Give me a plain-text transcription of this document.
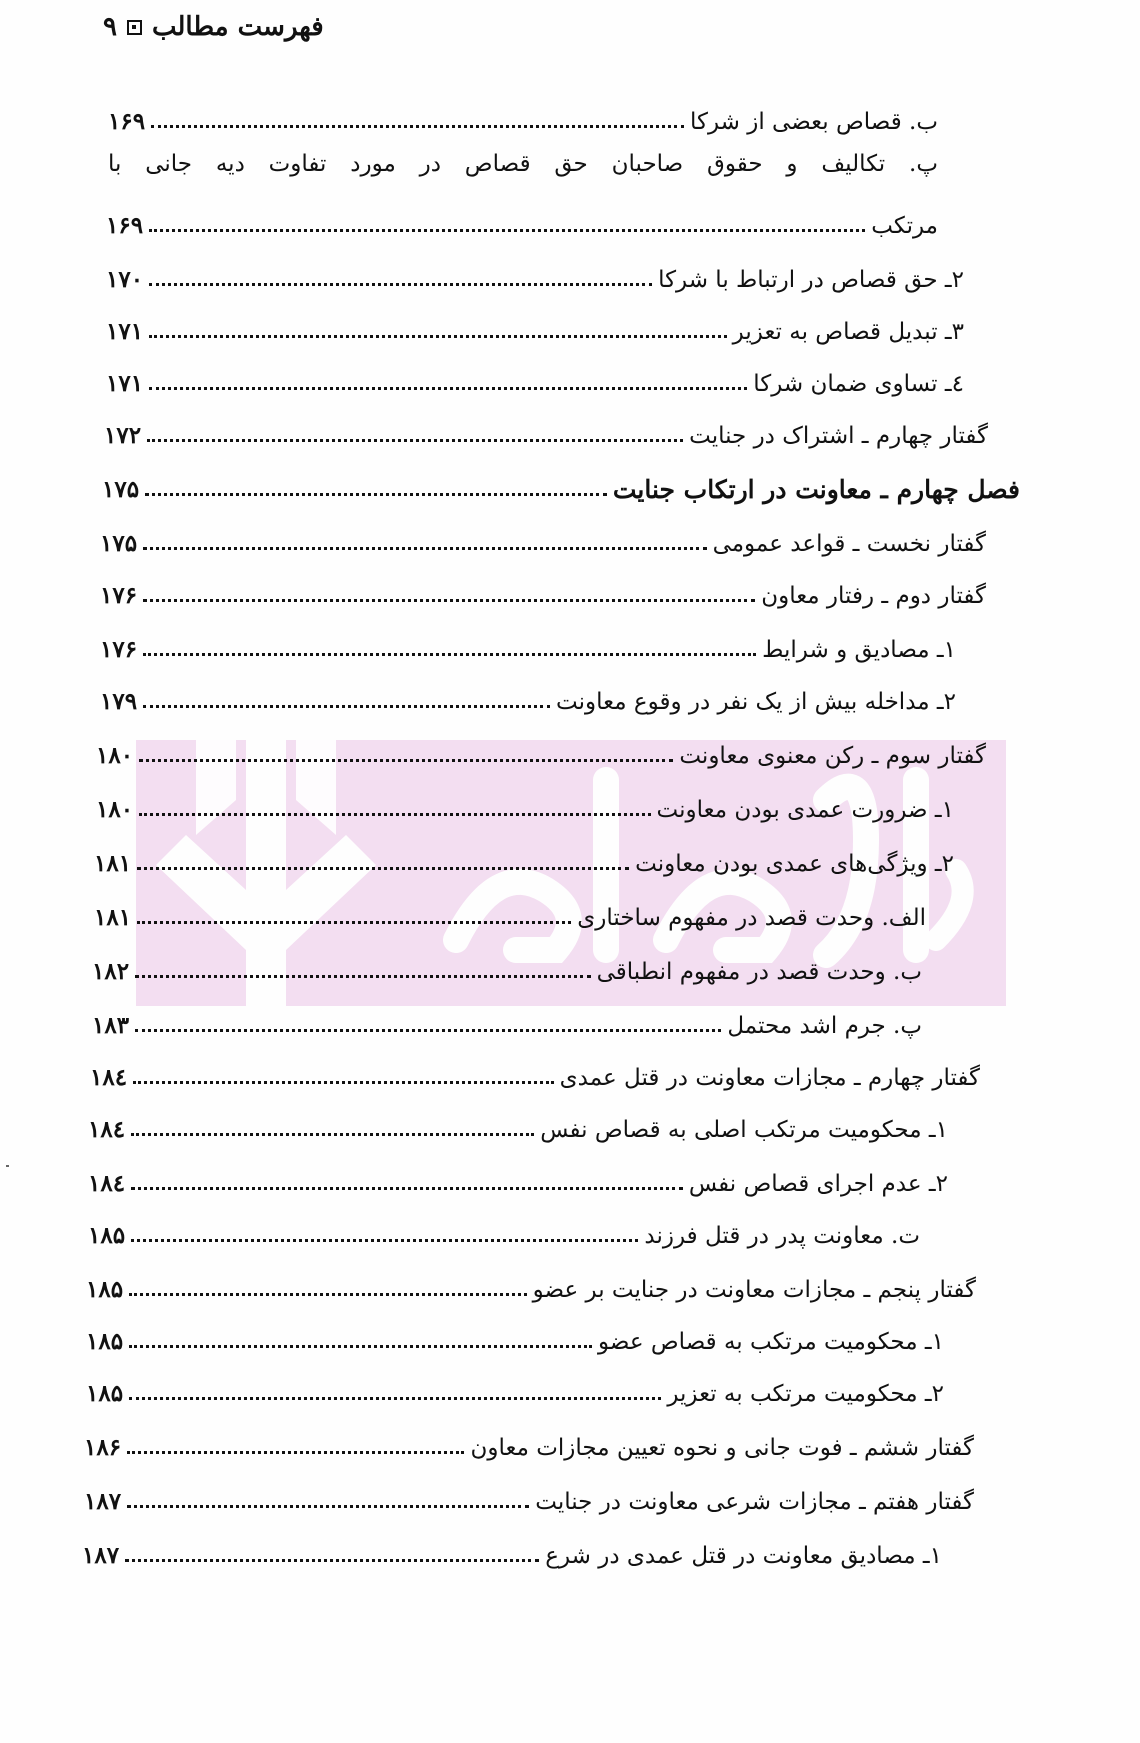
۹ فهرست مطالب
ب. قصاص بعضی از شرکا
۱۶۹
پ. تکالیف و حقوق صاحبان حق قصاص در مورد تفاوت دیه جانی با
مرتکب
۱۶۹
۲ـ حق قصاص در ارتباط با شرکا
۱۷۰
۳ـ تبدیل قصاص به تعزیر
۱۷۱
٤ـ تساوی ضمان شرکا
۱۷۱
گفتار چهارم ـ اشتراک در جنایت
۱۷۲
فصل چهارم ـ معاونت در ارتکاب جنایت
۱۷۵
گفتار نخست ـ قواعد عمومی
۱۷۵
گفتار دوم ـ رفتار معاون
۱۷۶
۱ـ مصادیق و شرایط
۱۷۶
۲ـ مداخله بیش از یک نفر در وقوع معاونت
۱۷۹
گفتار سوم ـ رکن معنوی معاونت
۱۸۰
۱ـ ضرورت عمدی بودن معاونت
۱۸۰
۲ـ ویژگی‌های عمدی بودن معاونت
۱۸۱
الف. وحدت قصد در مفهوم ساختاری
۱۸۱
ب. وحدت قصد در مفهوم انطباقی
۱۸۲
پ. جرم اشد محتمل
۱۸۳
گفتار چهارم ـ مجازات معاونت در قتل عمدی
۱۸٤
۱ـ محکومیت مرتکب اصلی به قصاص نفس
۱۸٤
۲ـ عدم اجرای قصاص نفس
۱۸٤
ت. معاونت پدر در قتل فرزند
۱۸۵
گفتار پنجم ـ مجازات معاونت در جنایت بر عضو
۱۸۵
۱ـ محکومیت مرتکب به قصاص عضو
۱۸۵
۲ـ محکومیت مرتکب به تعزیر
۱۸۵
گفتار ششم ـ فوت جانی و نحوه تعیین مجازات معاون
۱۸۶
گفتار هفتم ـ مجازات شرعی معاونت در جنایت
۱۸۷
۱ـ مصادیق معاونت در قتل عمدی در شرع
۱۸۷
